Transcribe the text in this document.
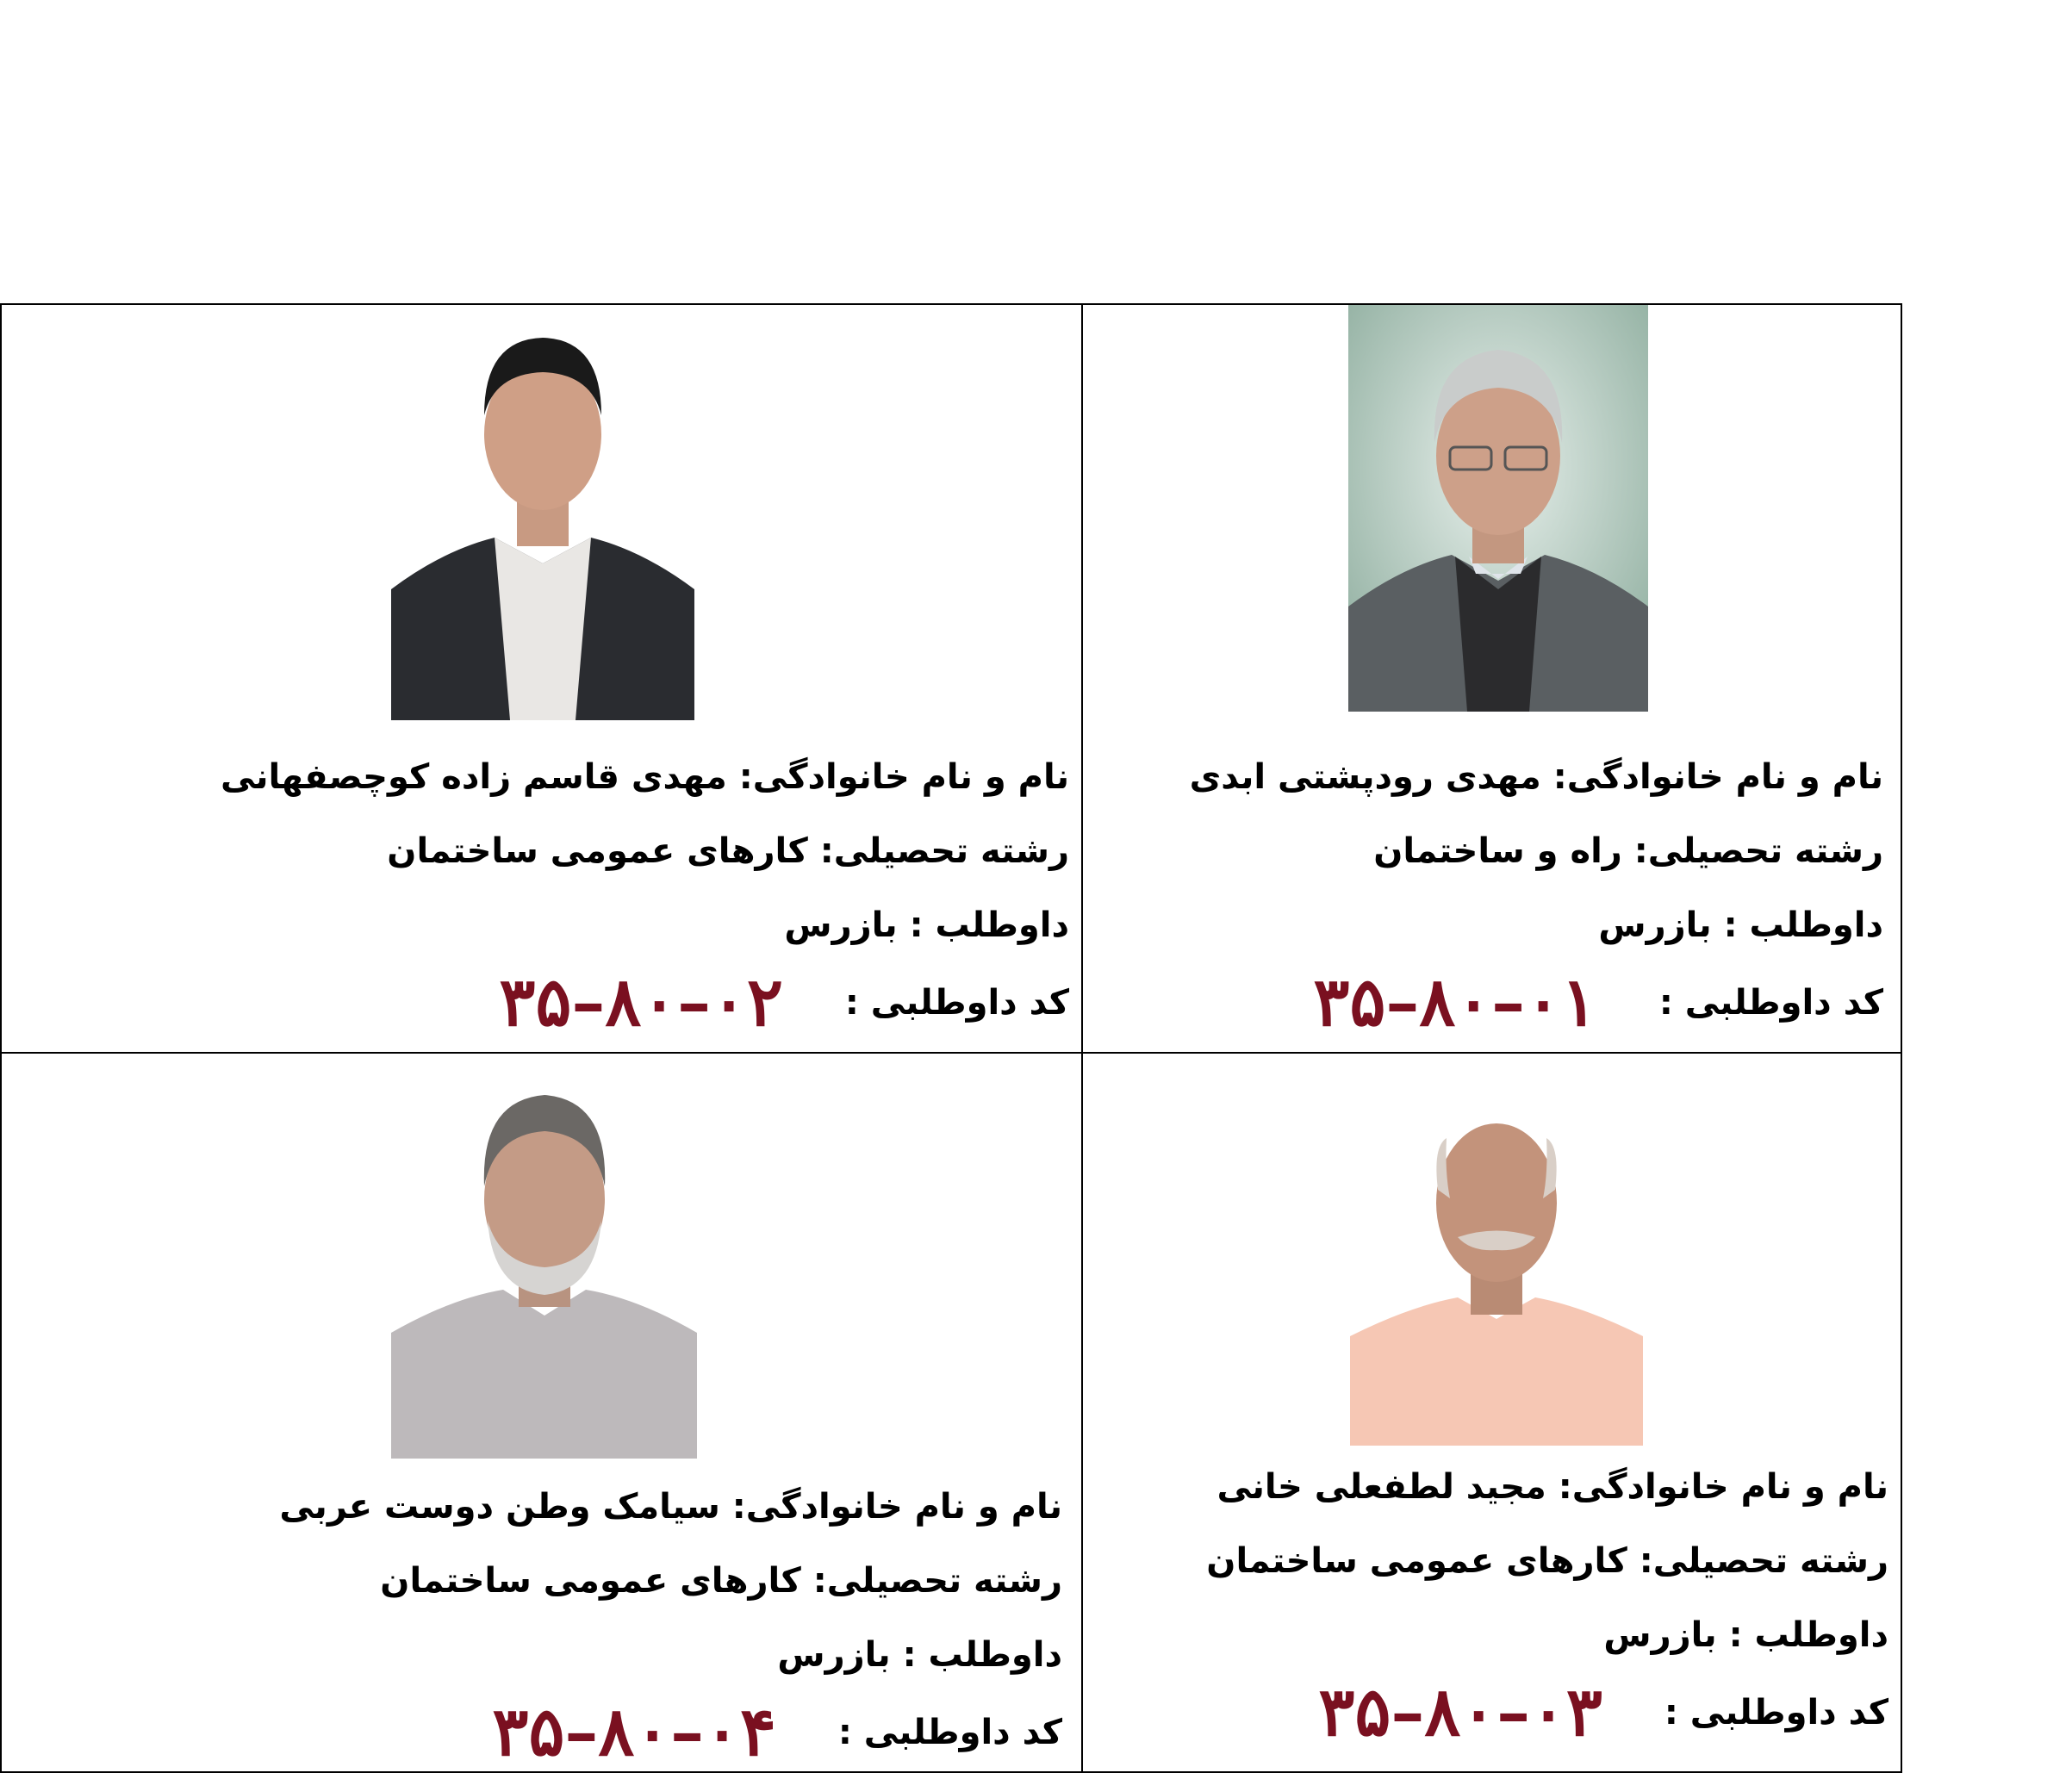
نام و نام خانوادگی: مهدی قاسم زاده کوچصفهانی
رشته تحصیلی: کارهای عمومی ساختمان
داوطلب : بازرس
کد داوطلبی : ۰۲–۸۰–۳۵
نام و نام خانوادگی: مهدی رودپشتی ابدی
رشته تحصیلی: راه و ساختمان
داوطلب : بازرس
کد داوطلبی : ۰۱–۸۰–۳۵
نام و نام خانوادگی: سیامک وطن دوست عربی
رشته تحصیلی: کارهای عمومی ساختمان
داوطلب : بازرس
کد داوطلبی : ۰۴–۸۰–۳۵
نام و نام خانوادگی: مجید لطفعلی خانی
رشته تحصیلی: کارهای عمومی ساختمان
داوطلب : بازرس
کد داوطلبی : ۰۳–۸۰–۳۵
